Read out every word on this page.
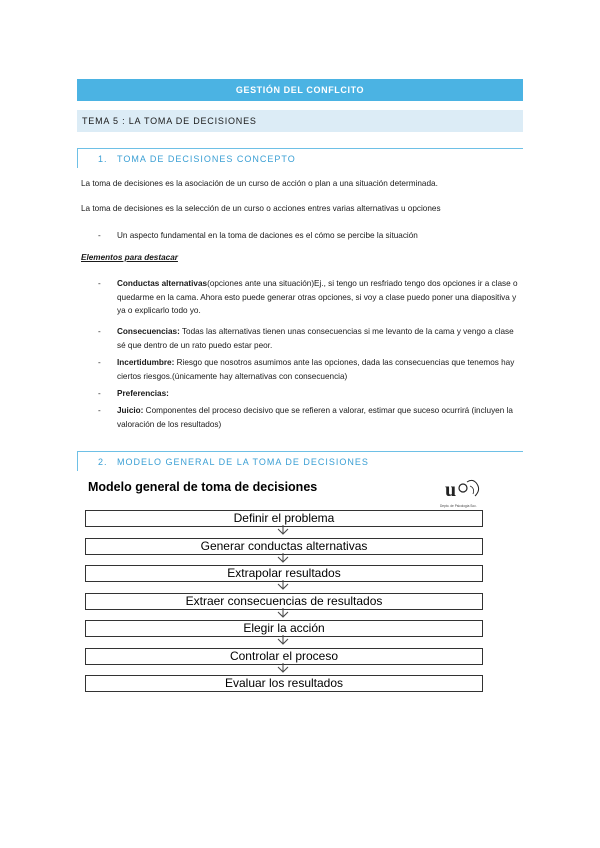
GESTIÓN DEL CONFLCITO
TEMA 5 : LA TOMA DE DECISIONES
1. TOMA DE DECISIONES CONCEPTO
La toma de decisiones es la asociación de un curso de acción o plan a una situación determinada.
La toma de decisiones es la selección de un curso o acciones entres varias alternativas u opciones
- Un aspecto fundamental en la toma de daciones es el cómo se percibe la situación
Elementos para destacar
- Conductas alternativas(opciones ante una situación)Ej., si tengo un resfriado tengo dos opciones ir a clase o quedarme en la cama. Ahora esto puede generar otras opciones, si voy a clase puedo poner una diapositiva y ya o explicarlo todo yo.
- Consecuencias: Todas las alternativas tienen unas consecuencias si me levanto de la cama y vengo a clase sé que dentro de un rato puedo estar peor.
- Incertidumbre: Riesgo que nosotros asumimos ante las opciones, dada las consecuencias que tenemos hay ciertos riesgos.(únicamente hay alternativas con consecuencia)
- Preferencias:
- Juicio: Componentes del proceso decisivo que se refieren a valorar, estimar que suceso ocurrirá (incluyen la valoración de los resultados)
2. MODELO GENERAL DE LA TOMA DE DECISIONES
Modelo general de toma de decisiones	u
Depto. de Psicología Soc.
Definir el problema
Generar conductas alternativas
Extrapolar resultados
Extraer consecuencias de resultados
Elegir la acción
Controlar el proceso
Evaluar los resultados
